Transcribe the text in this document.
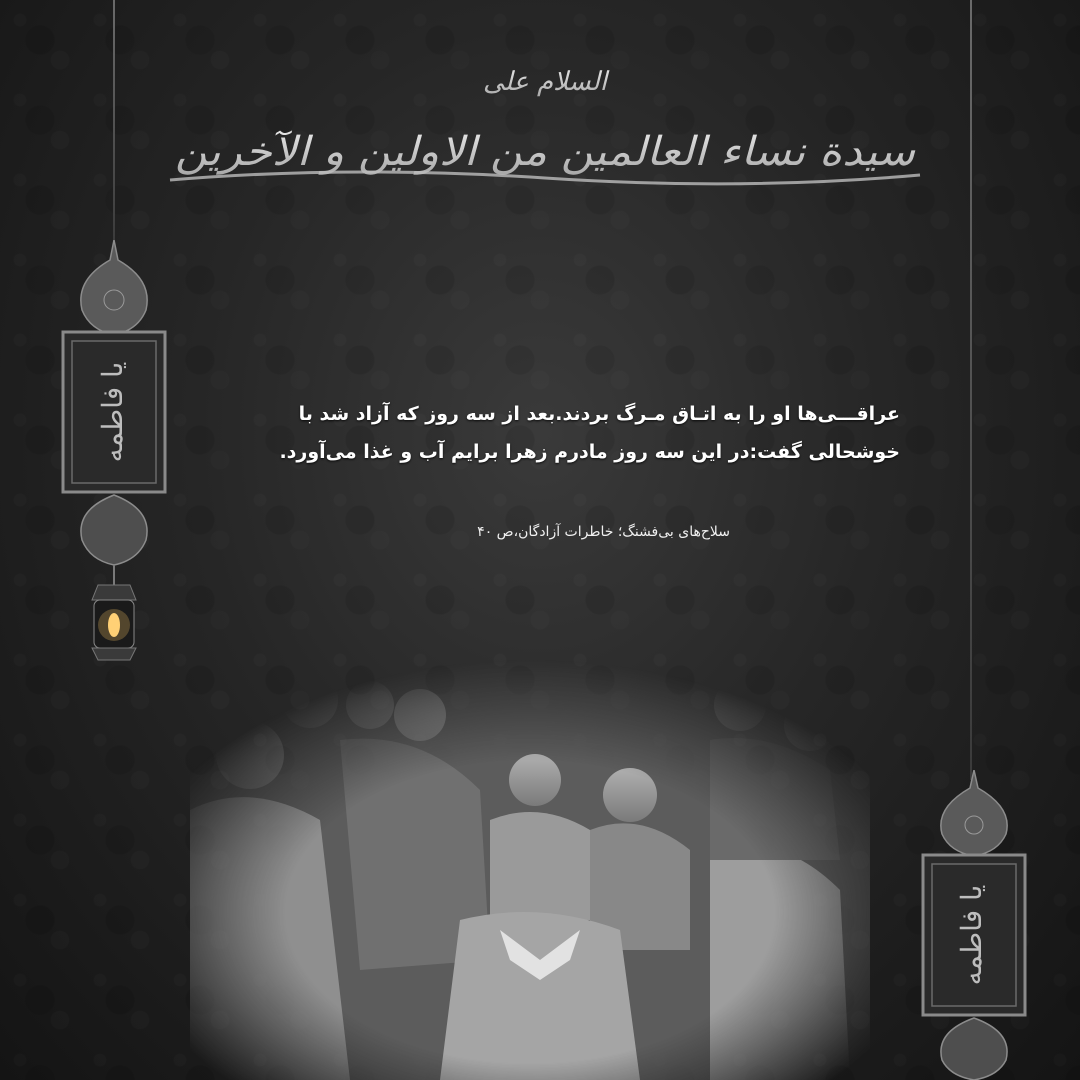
السلام علی
سیدة نساء العالمین من الاولین و الآخرین
یا فاطمه
یا فاطمه
عراقـــی‌ها او را به اتـاق مـرگ بردند.بعد از سه روز که آزاد شد با
خوشحالی گفت:در این سه روز مادرم زهرا برایم آب و غذا می‌آورد.
سلاح‌های بی‌فشنگ؛ خاطرات آزادگان،ص ۴۰
